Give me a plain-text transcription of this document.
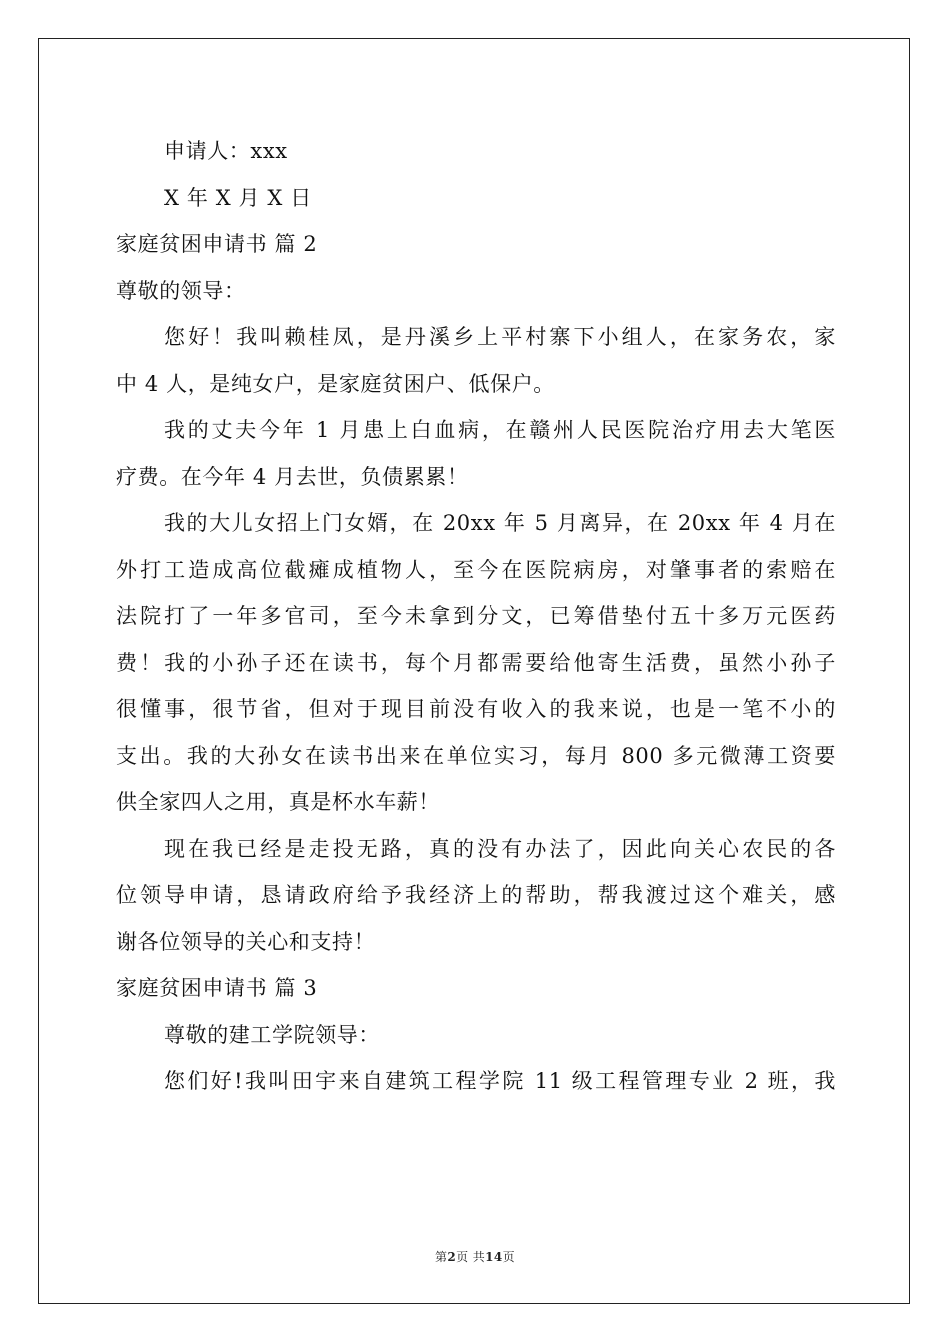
申请人：xxx

X 年 X 月 X 日

家庭贫困申请书 篇 2

尊敬的领导：

您好！我叫赖桂凤，是丹溪乡上平村寨下小组人，在家务农，家
中 4 人，是纯女户，是家庭贫困户、低保户。

我的丈夫今年 1 月患上白血病，在赣州人民医院治疗用去大笔医
疗费。在今年 4 月去世，负债累累！

我的大儿女招上门女婿，在 20xx 年 5 月离异，在 20xx 年 4 月在
外打工造成高位截瘫成植物人，至今在医院病房，对肇事者的索赔在
法院打了一年多官司，至今未拿到分文，已筹借垫付五十多万元医药
费！我的小孙子还在读书，每个月都需要给他寄生活费，虽然小孙子
很懂事，很节省，但对于现目前没有收入的我来说，也是一笔不小的
支出。我的大孙女在读书出来在单位实习，每月 800 多元微薄工资要
供全家四人之用，真是杯水车薪！

现在我已经是走投无路，真的没有办法了，因此向关心农民的各
位领导申请，恳请政府给予我经济上的帮助，帮我渡过这个难关，感
谢各位领导的关心和支持！

家庭贫困申请书 篇 3

尊敬的建工学院领导：

您们好!我叫田宇来自建筑工程学院 11 级工程管理专业 2 班，我

第2页 共14页
